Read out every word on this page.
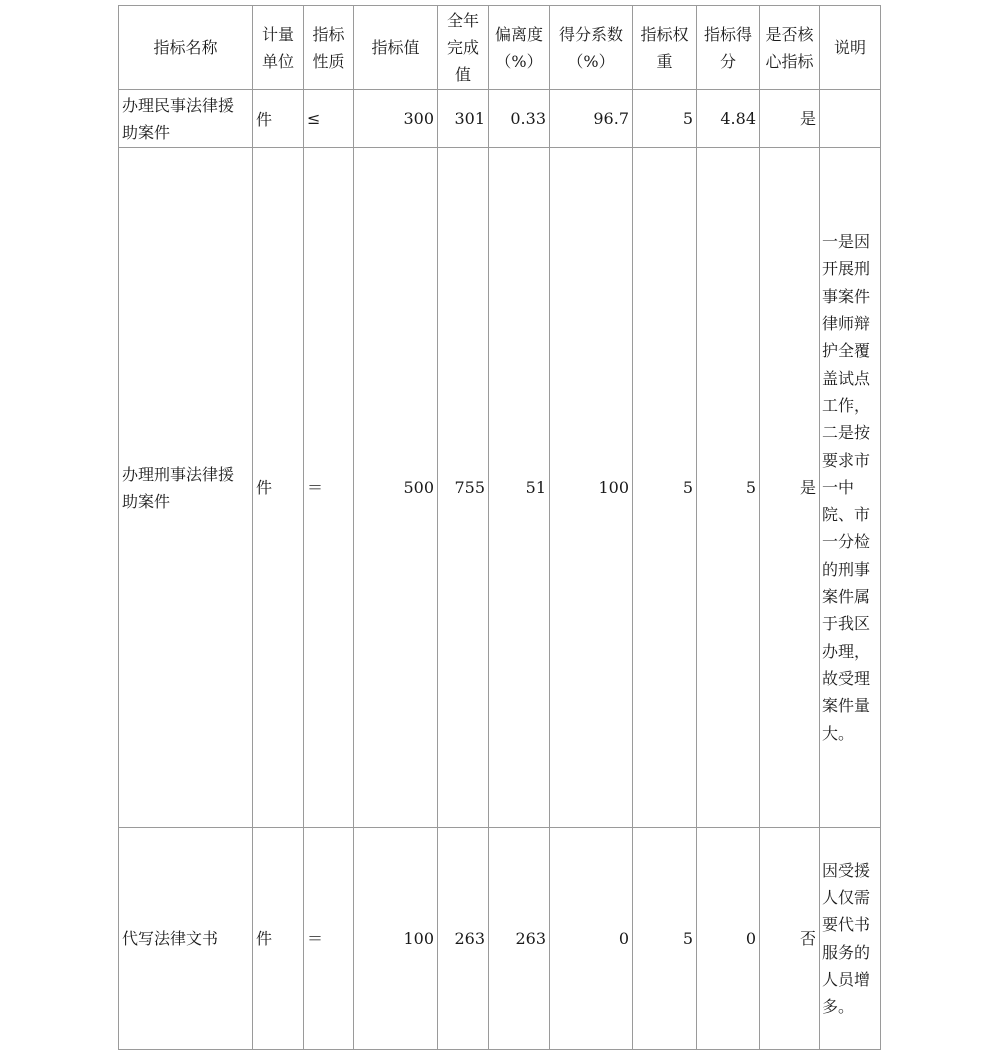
指标名称	计量单位	指标性质	指标值	全年完成值	偏离度（%）	得分系数（%）	指标权重	指标得分	是否核心指标	说明
办理民事法律援助案件	件	≤	300	301	0.33	96.7	5	4.84	是	
办理刑事法律援助案件	件	＝	500	755	51	100	5	5	是	一是因开展刑事案件律师辩护全覆盖试点工作，二是按要求市一中院、市一分检的刑事案件属于我区办理，故受理案件量大。
代写法律文书	件	＝	100	263	263	0	5	0	否	因受援人仅需要代书服务的人员增多。
